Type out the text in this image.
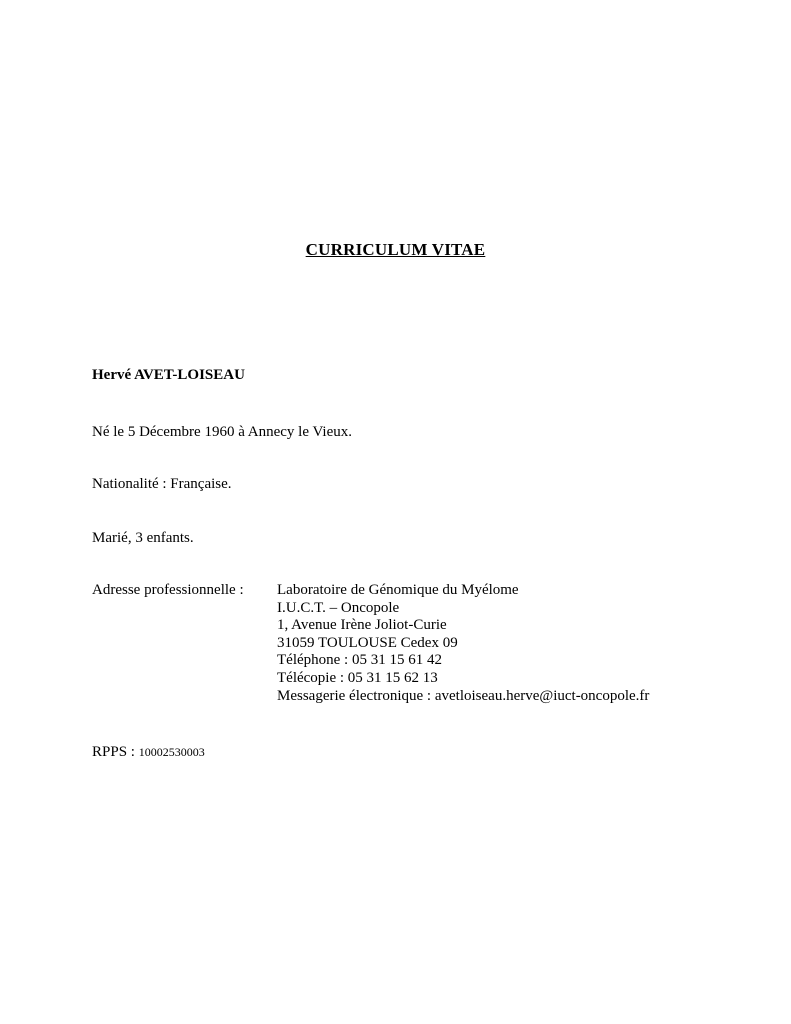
CURRICULUM VITAE
Hervé AVET-LOISEAU
Né le 5 Décembre 1960 à Annecy le Vieux.
Nationalité : Française.
Marié, 3 enfants.
Adresse professionnelle : Laboratoire de Génomique du Myélome
I.U.C.T. – Oncopole
1, Avenue Irène Joliot-Curie
31059 TOULOUSE Cedex 09
Téléphone : 05 31 15 61 42
Télécopie : 05 31 15 62 13
Messagerie électronique : avetloiseau.herve@iuct-oncopole.fr
RPPS : 10002530003
